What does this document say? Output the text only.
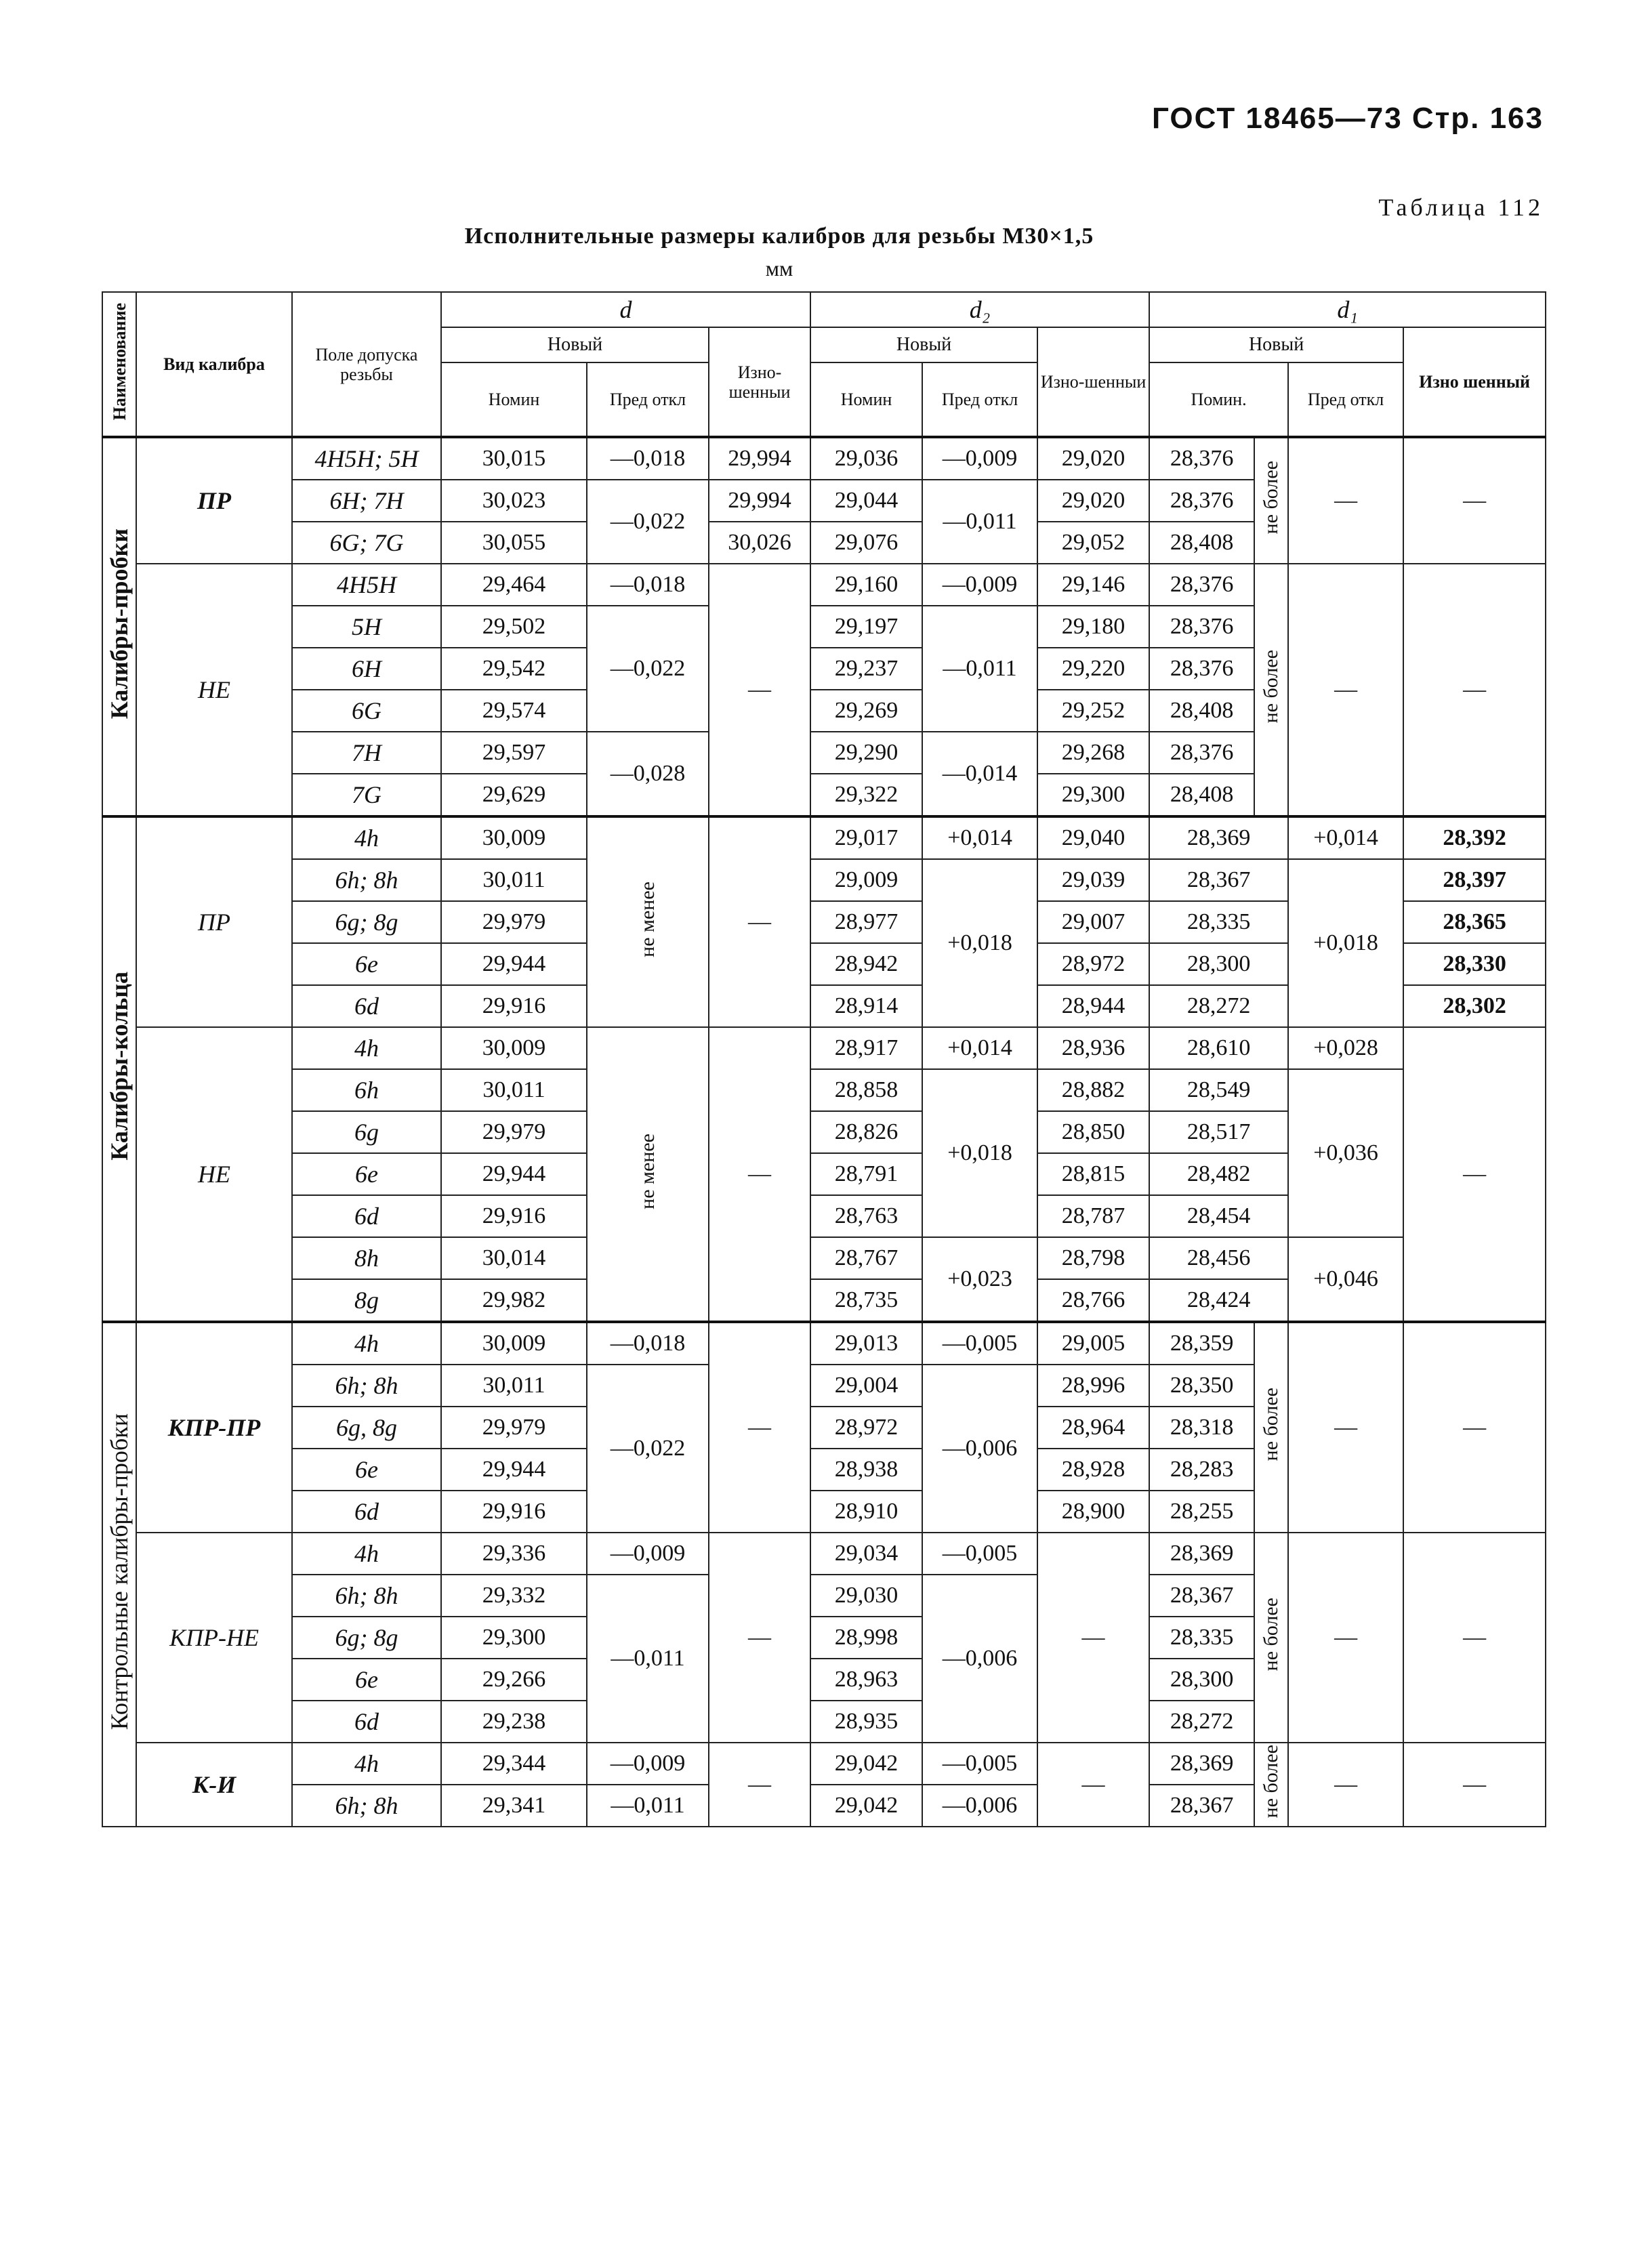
ГОСТ 18465—73 Стр. 163
Таблица 112
Исполнительные размеры калибров для резьбы М30×1,5
мм
Наименование	Вид калибра	Поле допуска резьбы	d			d₂			d₁			
			Новый		Изно-шенныи	Новый		Изно-шенныи	Новый			Изно шенный
			Номин	Пред откл		Номин	Пред откл		Помин.		Пред откл	
Калибры-пробки	ПР	4H5H; 5H	30,015	—0,018	29,994	29,036	—0,009	29,020	28,376	не более	—	—
		6H; 7H	30,023	—0,022	29,994	29,044	—0,011	29,020	28,376			
		6G; 7G	30,055		30,026	29,076		29,052	28,408			
	НЕ	4H5H	29,464	—0,018	—	29,160	—0,009	29,146	28,376	не более	—	—
		5H	29,502	—0,022		29,197	—0,011	29,180	28,376			
		6H	29,542			29,237		29,220	28,376			
		6G	29,574			29,269		29,252	28,408			
		7H	29,597	—0,028		29,290	—0,014	29,268	28,376			
		7G	29,629			29,322		29,300	28,408			
Калибры-кольца	ПР	4h	30,009	не менее	—	29,017	+0,014	29,040	28,369		+0,014	28,392
		6h; 8h	30,011			29,009	+0,018	29,039	28,367		+0,018	28,397
		6g; 8g	29,979			28,977		29,007	28,335			28,365
		6e	29,944			28,942		28,972	28,300			28,330
		6d	29,916			28,914		28,944	28,272			28,302
	НЕ	4h	30,009	не менее	—	28,917	+0,014	28,936	28,610		+0,028	—
		6h	30,011			28,858	+0,018	28,882	28,549		+0,036	
		6g	29,979			28,826		28,850	28,517			
		6e	29,944			28,791		28,815	28,482			
		6d	29,916			28,763		28,787	28,454			
		8h	30,014			28,767	+0,023	28,798	28,456		+0,046	
		8g	29,982			28,735		28,766	28,424			
Контрольные калибры-пробки	КПР-ПР	4h	30,009	—0,018	—	29,013	—0,005	29,005	28,359	не более	—	—
		6h; 8h	30,011	—0,022		29,004	—0,006	28,996	28,350			
		6g, 8g	29,979			28,972		28,964	28,318			
		6e	29,944			28,938		28,928	28,283			
		6d	29,916			28,910		28,900	28,255			
	КПР-НЕ	4h	29,336	—0,009	—	29,034	—0,005	—	28,369	не более	—	—
		6h; 8h	29,332	—0,011		29,030	—0,006		28,367			
		6g; 8g	29,300			28,998			28,335			
		6e	29,266			28,963			28,300			
		6d	29,238			28,935			28,272			
	К-И	4h	29,344	—0,009	—	29,042	—0,005	—	28,369	не более	—	—
		6h; 8h	29,341	—0,011		29,042	—0,006		28,367			
